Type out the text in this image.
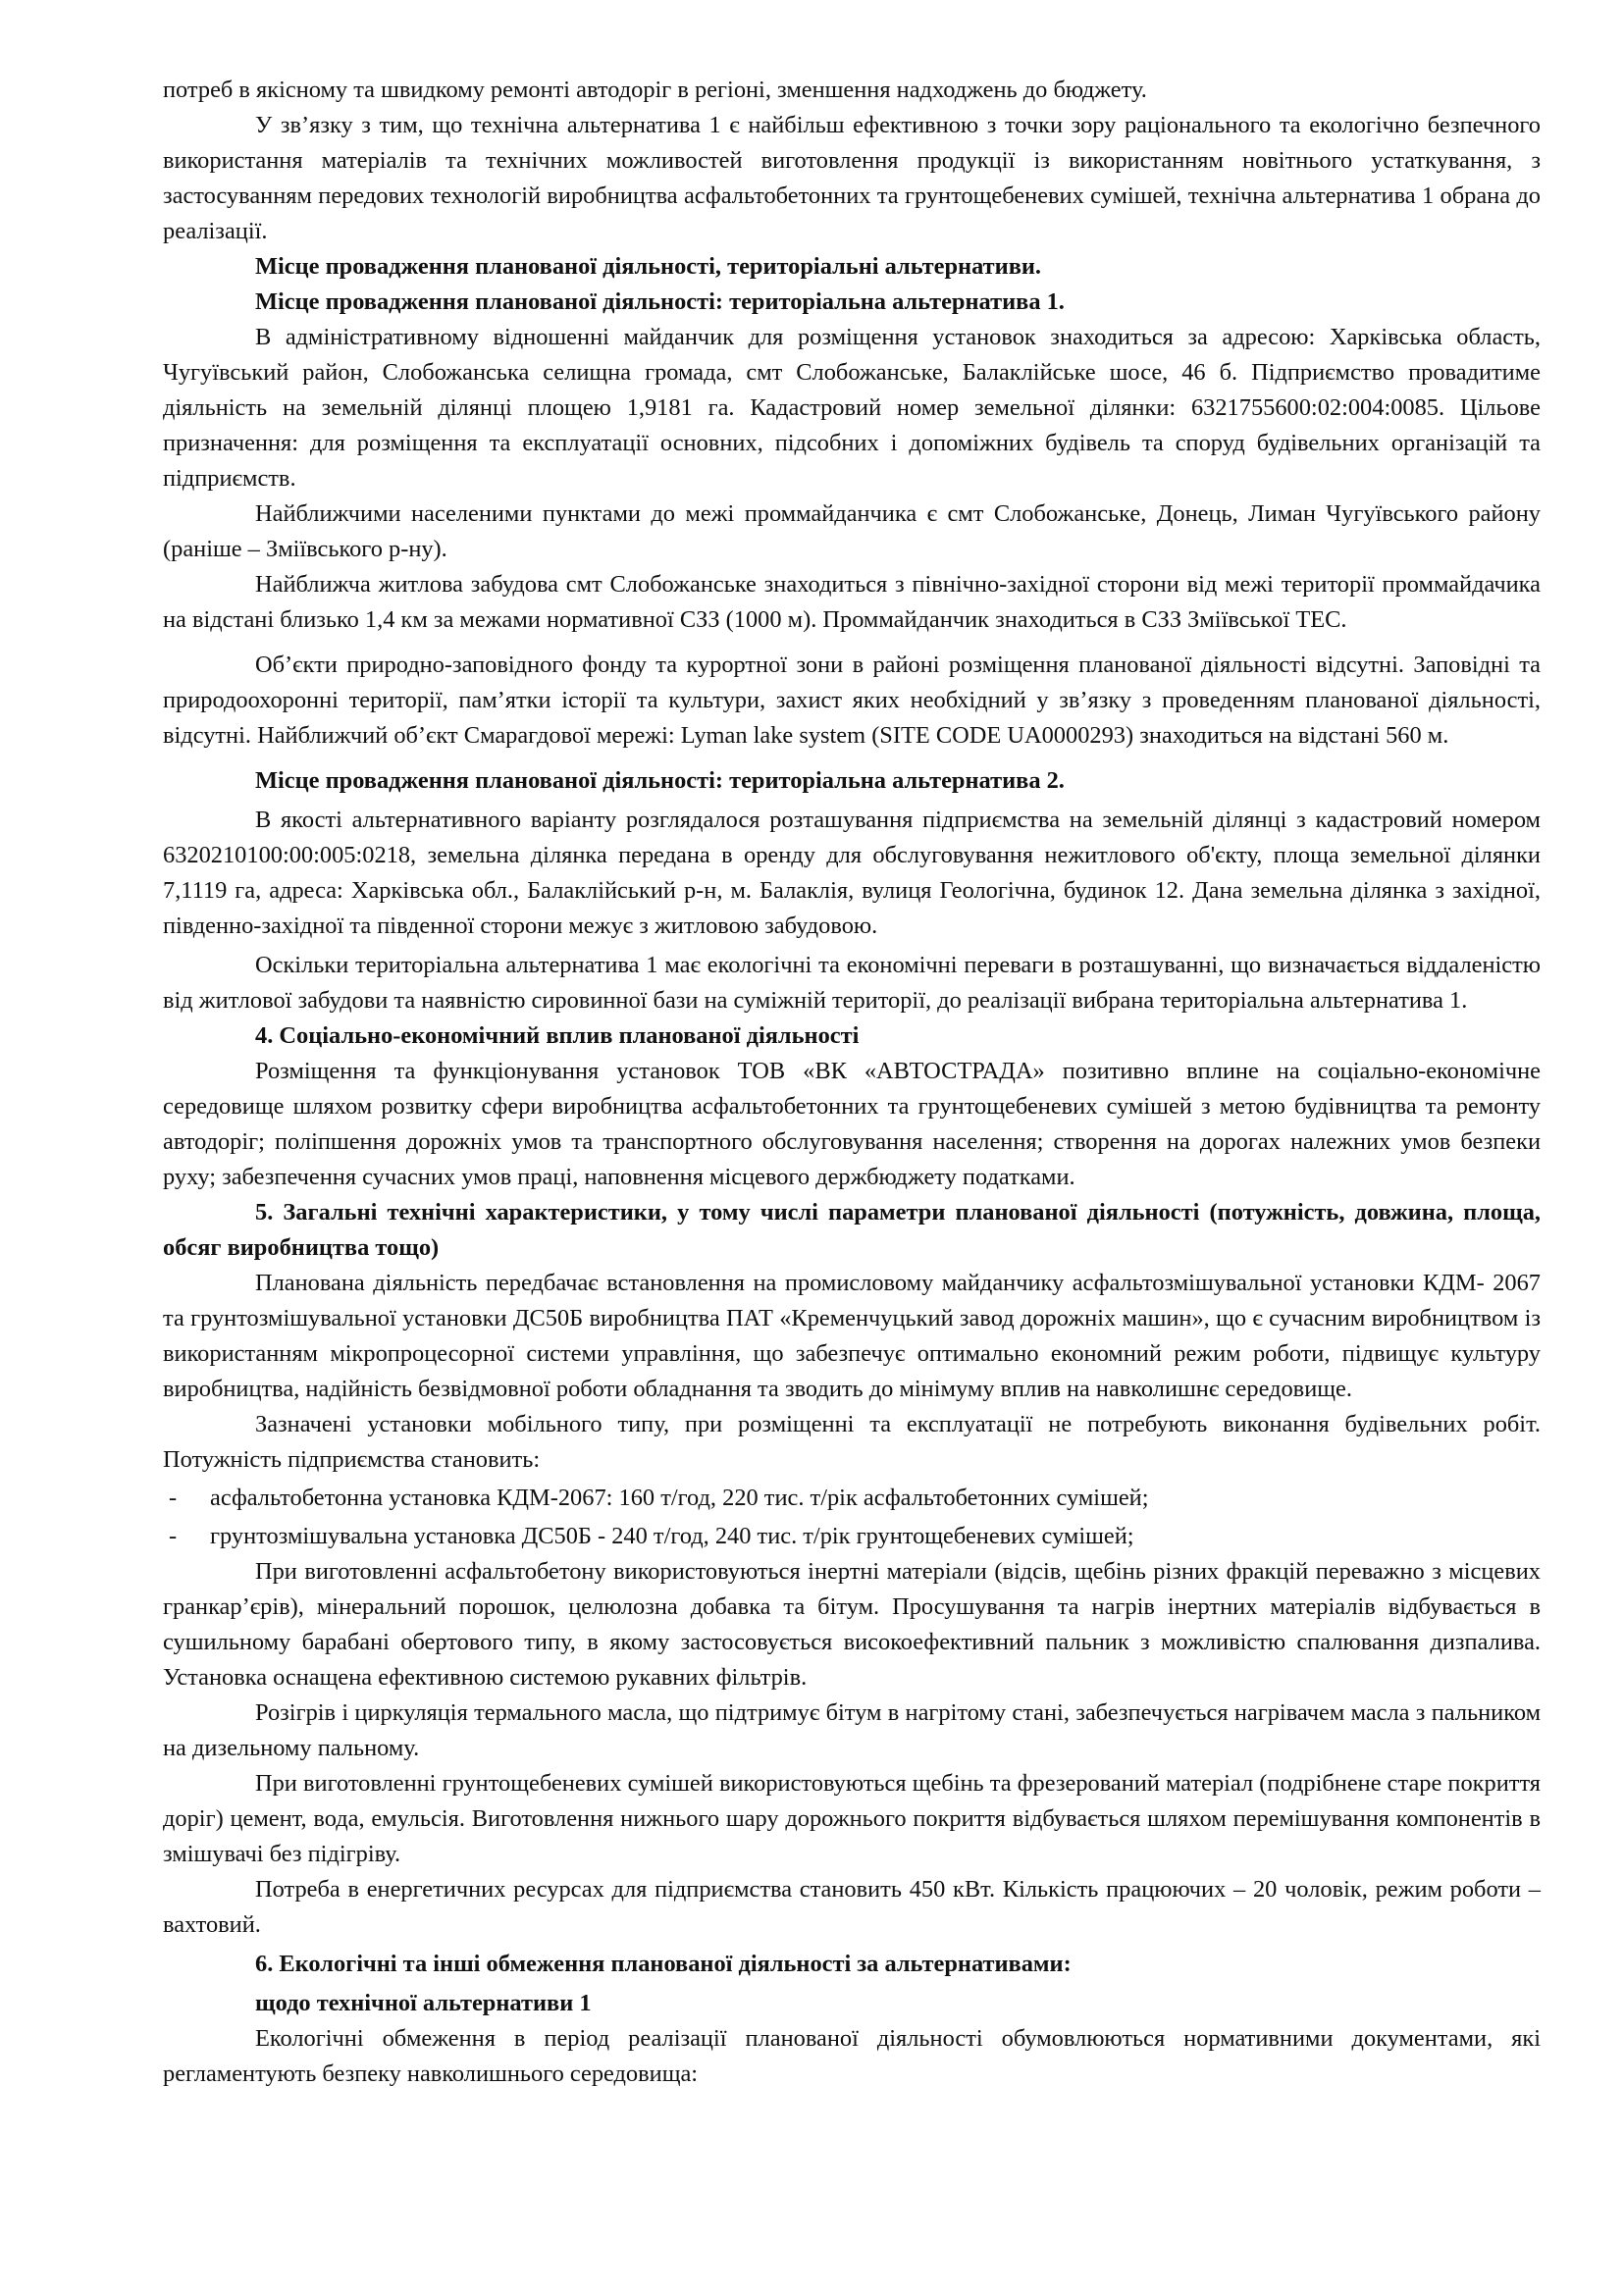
потреб в якісному та швидкому ремонті автодоріг в регіоні, зменшення надходжень до бюджету.

У зв’язку з тим, що технічна альтернатива 1 є найбільш ефективною з точки зору раціонального та екологічно безпечного використання матеріалів та технічних можливостей виготовлення продукції із використанням новітнього устаткування, з застосуванням передових технологій виробництва асфальтобетонних та грунтощебеневих сумішей, технічна альтернатива 1 обрана до реалізації.

Місце провадження планованої діяльності, територіальні альтернативи.

Місце провадження планованої діяльності: територіальна альтернатива 1.

В адміністративному відношенні майданчик для розміщення установок знаходиться за адресою: Харківська область, Чугуївський район, Слобожанська селищна громада, смт Слобожанське, Балаклійське шосе, 46 б. Підприємство провадитиме діяльність на земельній ділянці площею 1,9181 га. Кадастровий номер земельної ділянки: 6321755600:02:004:0085. Цільове призначення: для розміщення та експлуатації основних, підсобних і допоміжних будівель та споруд будівельних організацій та підприємств.

Найближчими населеними пунктами до межі проммайданчика є смт Слобожанське, Донець, Лиман Чугуївського району (раніше – Зміївського р-ну).

Найближча житлова забудова смт Слобожанське знаходиться з північно-західної сторони від межі території проммайдачика на відстані близько 1,4 км за межами нормативної СЗЗ (1000 м). Проммайданчик знаходиться в СЗЗ Зміївської ТЕС.

Об’єкти природно-заповідного фонду та курортної зони в районі розміщення планованої діяльності відсутні. Заповідні та природоохоронні території, пам’ятки історії та культури, захист яких необхідний у зв’язку з проведенням планованої діяльності, відсутні. Найближчий об’єкт Смарагдової мережі: Lyman lake system (SITE CODE UA0000293) знаходиться на відстані 560 м.

Місце провадження планованої діяльності: територіальна альтернатива 2.

В якості альтернативного варіанту розглядалося розташування підприємства на земельній ділянці з кадастровий номером 6320210100:00:005:0218, земельна ділянка передана в оренду для обслуговування нежитлового об'єкту, площа земельної ділянки 7,1119 га, адреса: Харківська обл., Балаклійський р-н, м. Балаклія, вулиця Геологічна, будинок 12. Дана земельна ділянка з західної, південно-західної та південної сторони межує з житловою забудовою.

Оскільки територіальна альтернатива 1 має екологічні та економічні переваги в розташуванні, що визначається віддаленістю від житлової забудови та наявністю сировинної бази на суміжній території, до реалізації вибрана територіальна альтернатива 1.

4. Соціально-економічний вплив планованої діяльності

Розміщення та функціонування установок ТОВ «ВК «АВТОСТРАДА» позитивно вплине на соціально-економічне середовище шляхом розвитку сфери виробництва асфальтобетонних та грунтощебеневих сумішей з метою будівництва та ремонту автодоріг; поліпшення дорожніх умов та транспортного обслуговування населення; створення на дорогах належних умов безпеки руху; забезпечення сучасних умов праці, наповнення місцевого держбюджету податками.

5. Загальні технічні характеристики, у тому числі параметри планованої діяльності (потужність, довжина, площа, обсяг виробництва тощо)

Планована діяльність передбачає встановлення на промисловому майданчику асфальтозмішувальної установки КДМ- 2067 та грунтозмішувальної установки ДС50Б виробництва ПАТ «Кременчуцький завод дорожніх машин», що є сучасним виробництвом із використанням мікропроцесорної системи управління, що забезпечує оптимально економний режим роботи, підвищує культуру виробництва, надійність безвідмовної роботи обладнання та зводить до мінімуму вплив на навколишнє середовище.

Зазначені установки мобільного типу, при розміщенні та експлуатації не потребують виконання будівельних робіт. Потужність підприємства становить:

- асфальтобетонна установка КДМ-2067: 160 т/год, 220 тис. т/рік асфальтобетонних сумішей;

- грунтозмішувальна установка ДС50Б - 240 т/год, 240 тис. т/рік грунтощебеневих сумішей;

При виготовленні асфальтобетону використовуються інертні матеріали (відсів, щебінь різних фракцій переважно з місцевих гранкар’єрів), мінеральний порошок, целюлозна добавка та бітум. Просушування та нагрів інертних матеріалів відбувається в сушильному барабані обертового типу, в якому застосовується високоефективний пальник з можливістю спалювання дизпалива. Установка оснащена ефективною системою рукавних фільтрів.

Розігрів і циркуляція термального масла, що підтримує бітум в нагрітому стані, забезпечується нагрівачем масла з пальником на дизельному пальному.

При виготовленні грунтощебеневих сумішей використовуються щебінь та фрезерований матеріал (подрібнене старе покриття доріг) цемент, вода, емульсія. Виготовлення нижнього шару дорожнього покриття відбувається шляхом перемішування компонентів в змішувачі без підігріву.

Потреба в енергетичних ресурсах для підприємства становить 450 кВт. Кількість працюючих – 20 чоловік, режим роботи – вахтовий.

6. Екологічні та інші обмеження планованої діяльності за альтернативами:

щодо технічної альтернативи 1

Екологічні обмеження в період реалізації планованої діяльності обумовлюються нормативними документами, які регламентують безпеку навколишнього середовища:
